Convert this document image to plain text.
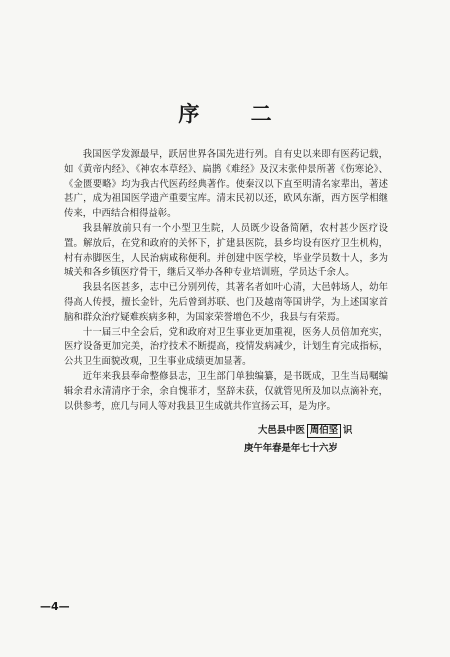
序 二

我国医学发源最早，跃居世界各国先进行列。自有史以来即有医药记载，如《黄帝内经》、《神农本草经》、扁鹊《难经》及汉末张仲景所著《伤寒论》、《金匮要略》均为我古代医药经典著作。使秦汉以下直至明清名家辈出，著述甚广，成为祖国医学遗产重要宝库。清末民初以还，欧风东渐，西方医学相继传来，中西结合相得益彰。

我县解放前只有一个小型卫生院，人员既少设备简陋，农村甚少医疗设置。解放后，在党和政府的关怀下，扩建县医院，县乡均设有医疗卫生机构，村有赤脚医生，人民治病咸称便利。并创建中医学校，毕业学员数十人，多为城关和各乡镇医疗骨干，继后又举办各种专业培训班，学员达千余人。

我县名医甚多，志中已分别列传，其著名者如叶心清，大邑韩场人，幼年得高人传授，擅长金针，先后曾到苏联、也门及越南等国讲学，为上述国家首脑和群众治疗疑难疾病多种，为国家荣誉增色不少，我县与有荣焉。

十一届三中全会后，党和政府对卫生事业更加重视，医务人员倍加充实，医疗设备更加完美，治疗技术不断提高，疫情发病减少，计划生育完成指标，公共卫生面貌改观，卫生事业成绩更加显著。

近年来我县奉命整修县志，卫生部门单独编纂，是书既成，卫生当局嘱编辑余君永清清序于余，余自愧菲才，坚辞未获，仅就管见所及加以点滴补充，以供参考，庶几与同人等对我县卫生成就共作宣扬云耳，是为序。

大邑县中医 周伯坚 识
庚午年春是年七十六岁
—4—
